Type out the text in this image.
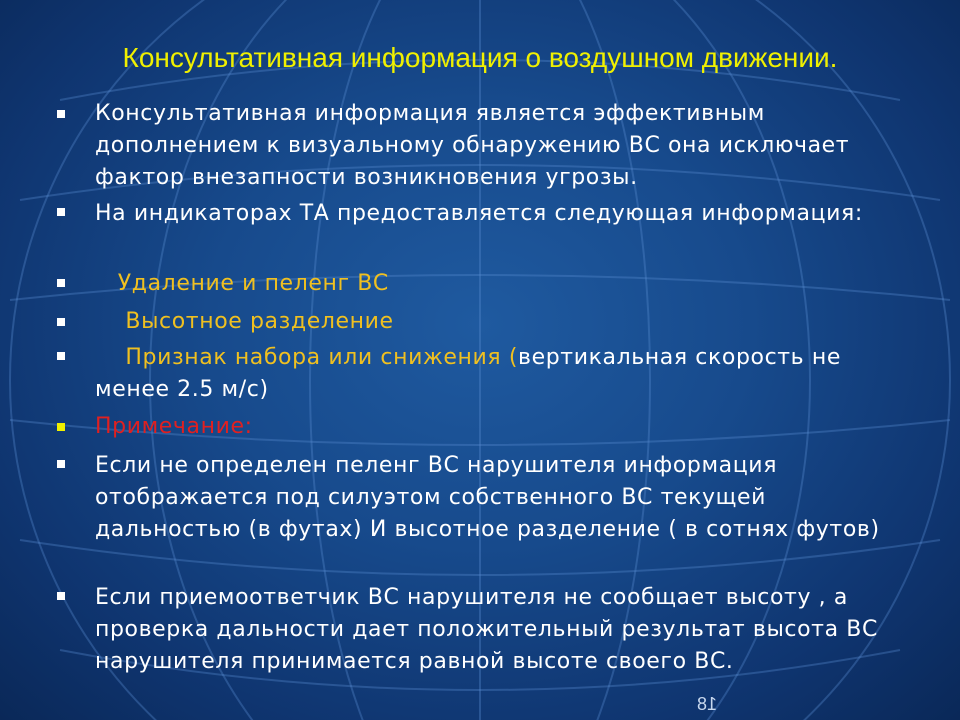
Консультативная информация о воздушном движении.

Консультативная информация является эффективным дополнением к визуальному обнаружению ВС она исключает фактор внезапности возникновения угрозы.

На индикаторах ТА предоставляется следующая информация:

Удаление и пеленг ВС

Высотное разделение

Признак набора или снижения (вертикальная скорость не менее 2.5 м/с)

Примечание:

Если не определен пеленг ВС нарушителя информация отображается под силуэтом собственного ВС текущей дальностью (в футах) И высотное разделение ( в сотнях футов)

Если приемоответчик ВС нарушителя не сообщает высоту , а проверка дальности дает положительный результат высота ВС нарушителя принимается равной высоте своего ВС.

18
